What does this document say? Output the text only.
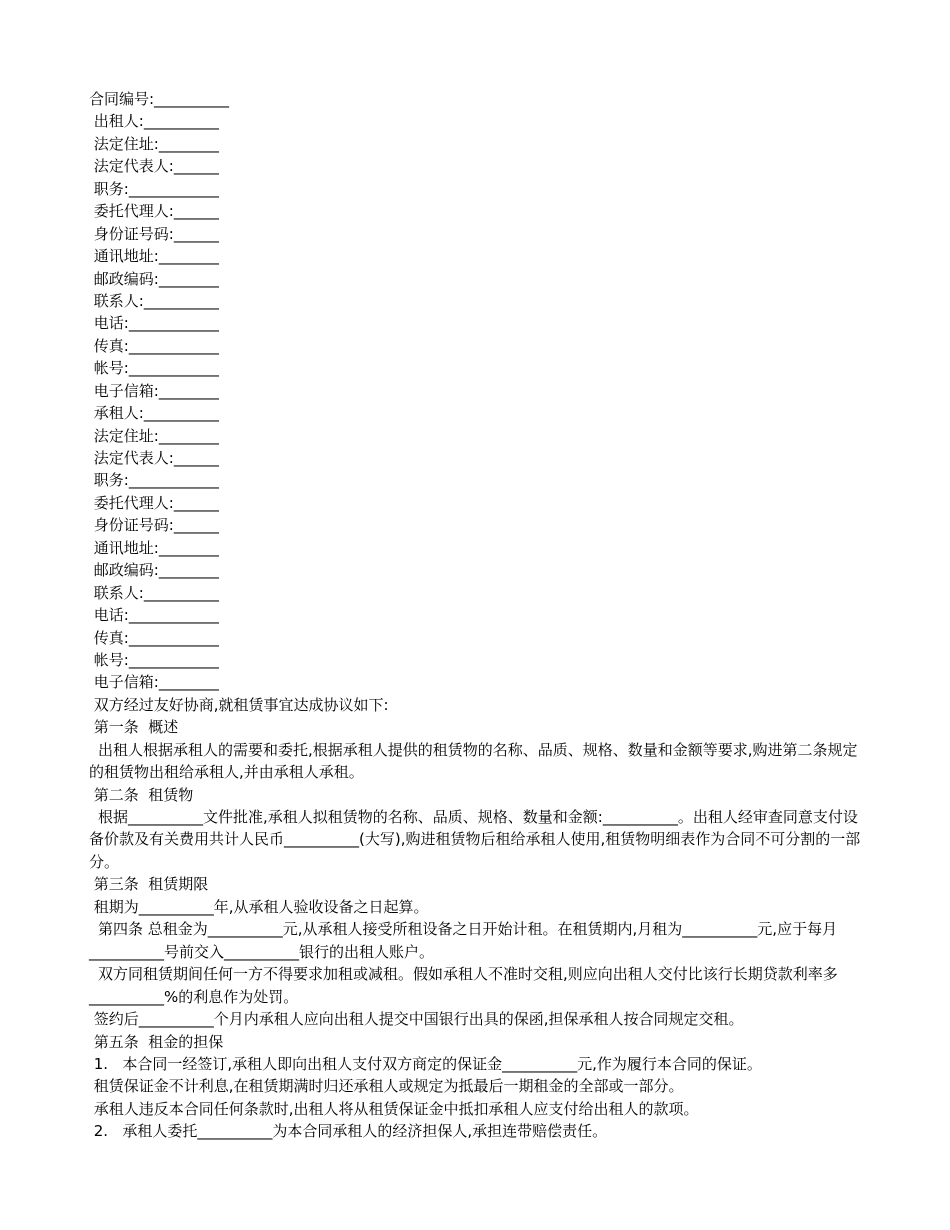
合同编号:__________
出租人:__________
法定住址:________
法定代表人:______
职务:____________
委托代理人:______
身份证号码:______
通讯地址:________
邮政编码:________
联系人:__________
电话:____________
传真:____________
帐号:____________
电子信箱:________
承租人:__________
法定住址:________
法定代表人:______
职务:____________
委托代理人:______
身份证号码:______
通讯地址:________
邮政编码:________
联系人:__________
电话:____________
传真:____________
帐号:____________
电子信箱:________
双方经过友好协商,就租赁事宜达成协议如下:
第一条  概述
出租人根据承租人的需要和委托,根据承租人提供的租赁物的名称、品质、规格、数量和金额等要求,购进第二条规定的租赁物出租给承租人,并由承租人承租。
第二条  租赁物
根据__________文件批准,承租人拟租赁物的名称、品质、规格、数量和金额:__________。出租人经审查同意支付设备价款及有关费用共计人民币__________(大写),购进租赁物后租给承租人使用,租赁物明细表作为合同不可分割的一部分。
第三条  租赁期限
租期为__________年,从承租人验收设备之日起算。
第四条 总租金为__________元,从承租人接受所租设备之日开始计租。在租赁期内,月租为__________元,应于每月__________号前交入__________银行的出租人账户。
双方同租赁期间任何一方不得要求加租或减租。假如承租人不准时交租,则应向出租人交付比该行长期贷款利率多__________%的利息作为处罚。
签约后__________个月内承租人应向出租人提交中国银行出具的保函,担保承租人按合同规定交租。
第五条  租金的担保
1.   本合同一经签订,承租人即向出租人支付双方商定的保证金__________元,作为履行本合同的保证。
租赁保证金不计利息,在租赁期满时归还承租人或规定为抵最后一期租金的全部或一部分。
承租人违反本合同任何条款时,出租人将从租赁保证金中抵扣承租人应支付给出租人的款项。
2.   承租人委托__________为本合同承租人的经济担保人,承担连带赔偿责任。
